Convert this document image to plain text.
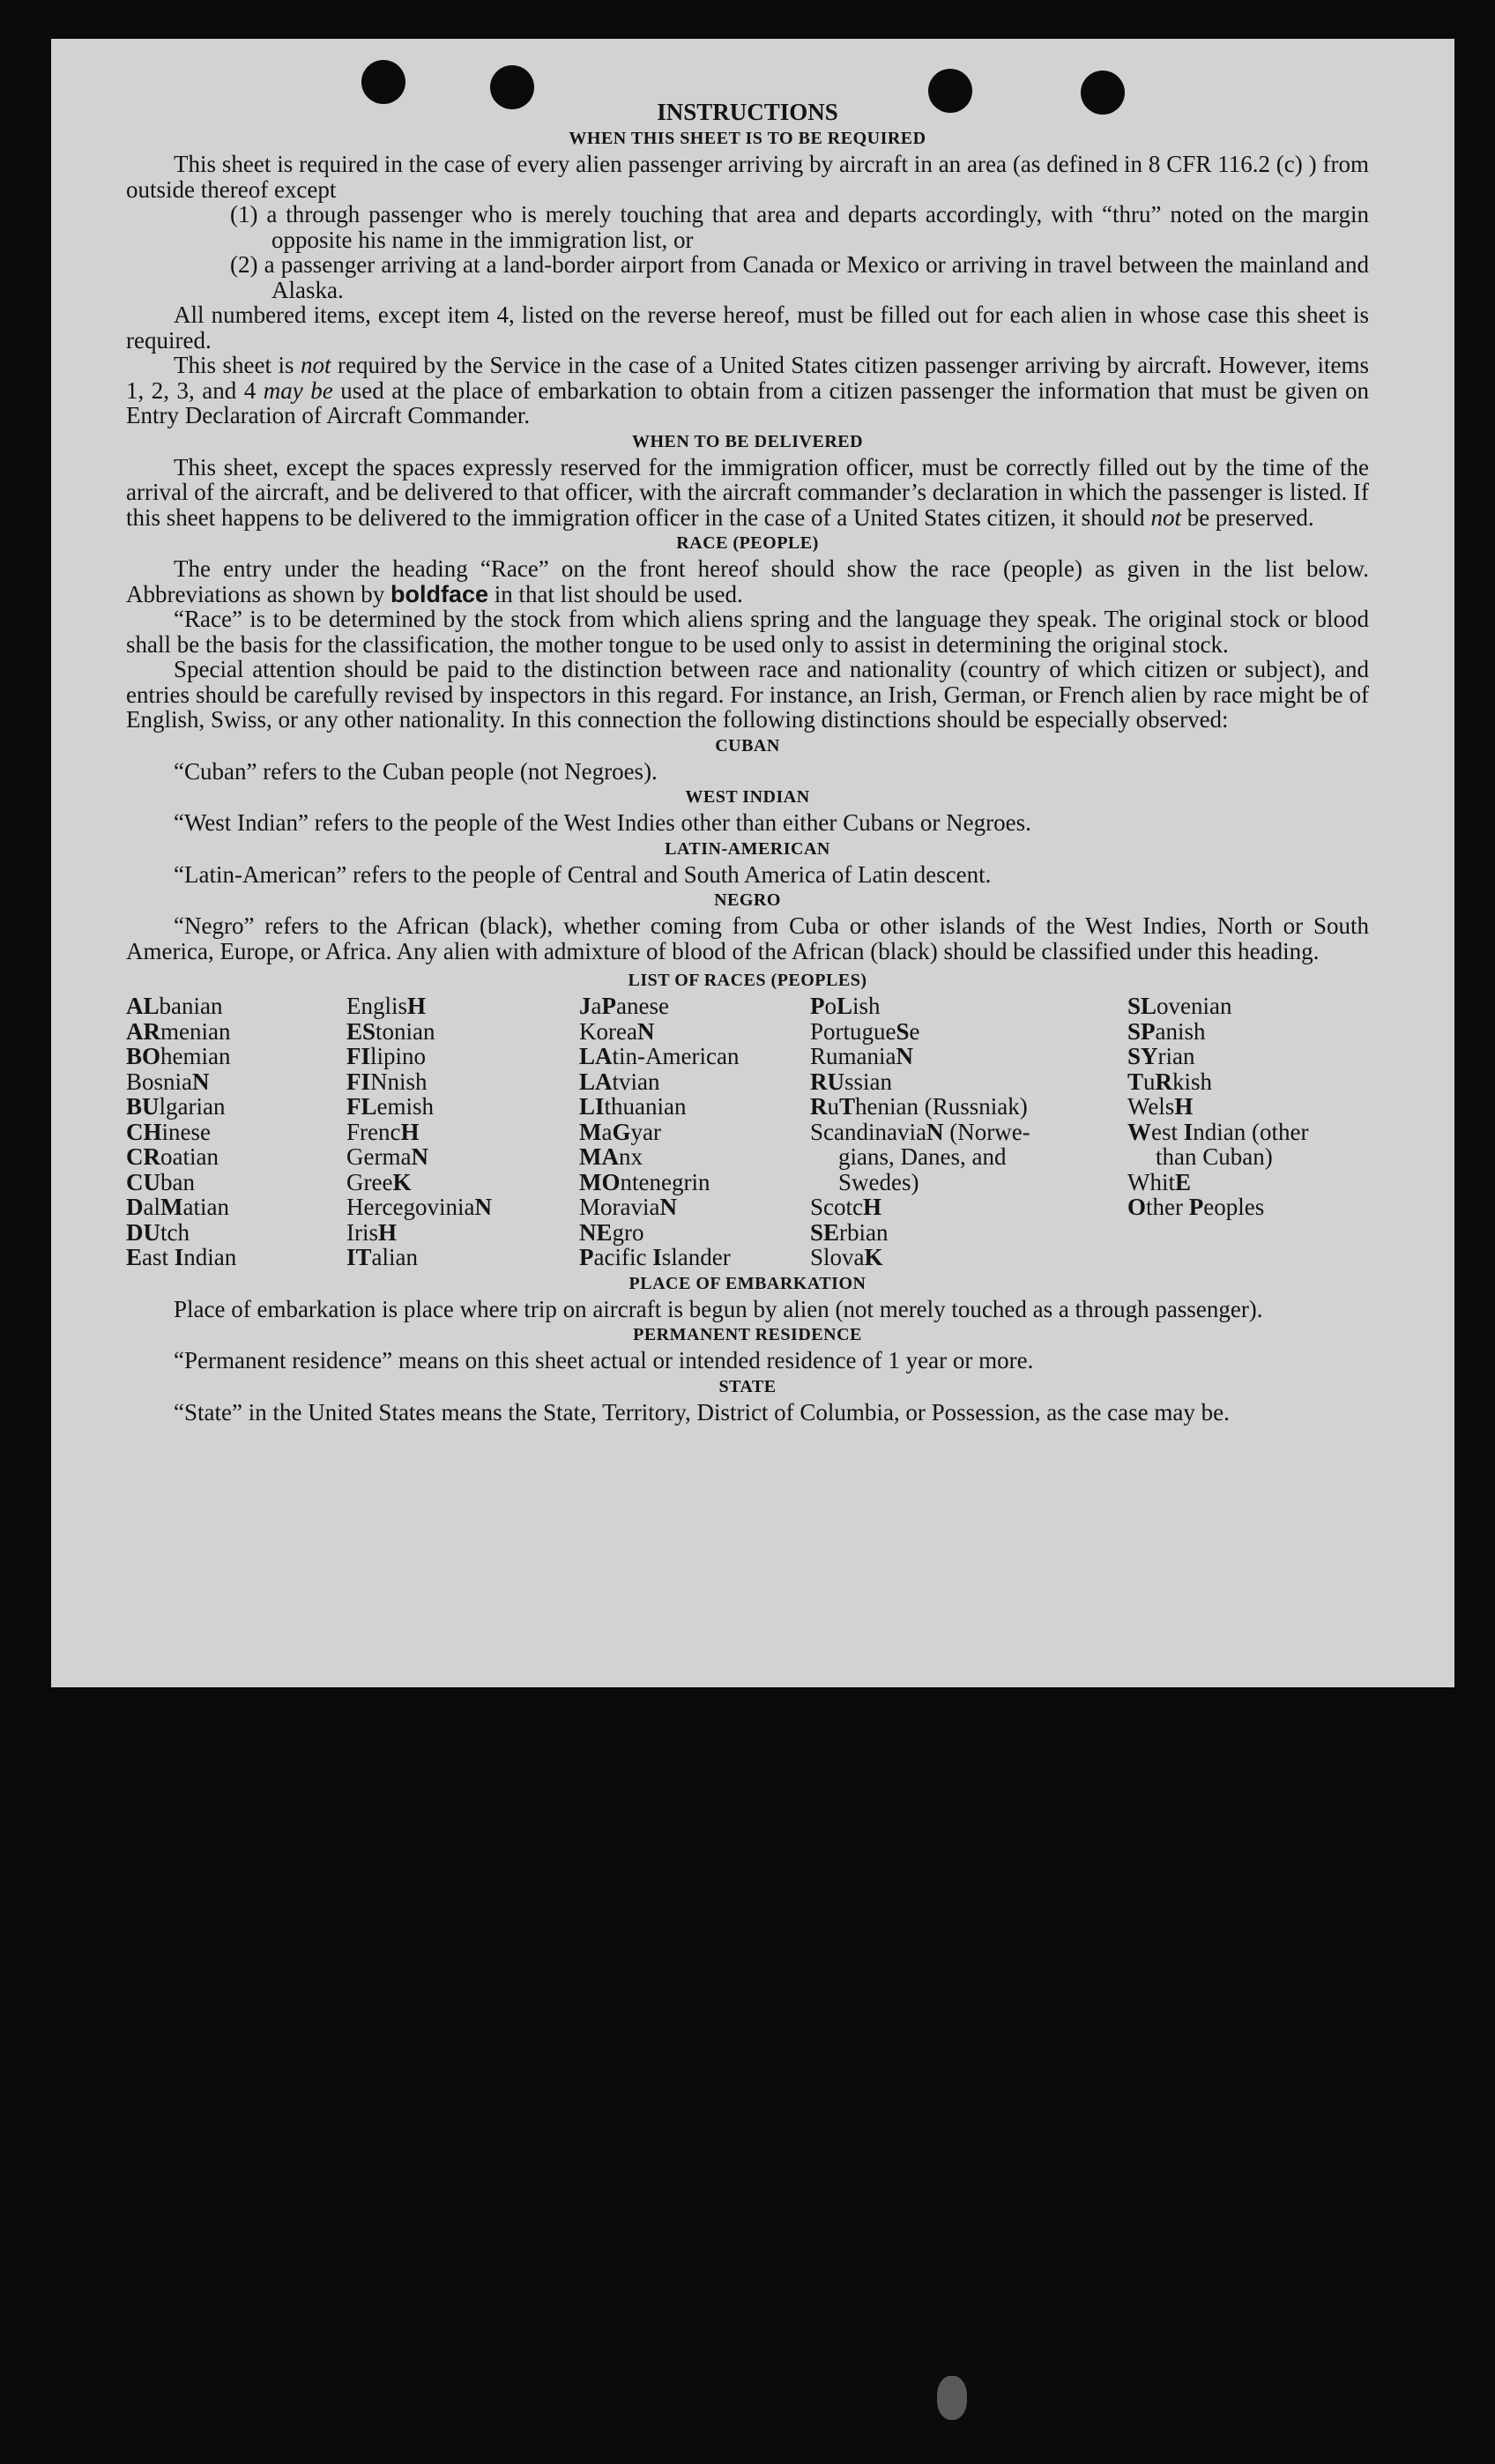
INSTRUCTIONS
WHEN THIS SHEET IS TO BE REQUIRED

This sheet is required in the case of every alien passenger arriving by aircraft in an area (as defined in 8 CFR 116.2 (c) ) from outside thereof except

(1) a through passenger who is merely touching that area and departs accordingly, with “thru” noted on the margin opposite his name in the immigration list, or

(2) a passenger arriving at a land-border airport from Canada or Mexico or arriving in travel between the mainland and Alaska.

All numbered items, except item 4, listed on the reverse hereof, must be filled out for each alien in whose case this sheet is required.

This sheet is not required by the Service in the case of a United States citizen passenger arriving by aircraft. However, items 1, 2, 3, and 4 may be used at the place of embarkation to obtain from a citizen passenger the information that must be given on Entry Declaration of Aircraft Commander.

WHEN TO BE DELIVERED

This sheet, except the spaces expressly reserved for the immigration officer, must be correctly filled out by the time of the arrival of the aircraft, and be delivered to that officer, with the aircraft commander’s declaration in which the passenger is listed. If this sheet happens to be delivered to the immigration officer in the case of a United States citizen, it should not be preserved.

RACE (PEOPLE)

The entry under the heading “Race” on the front hereof should show the race (people) as given in the list below. Abbreviations as shown by boldface in that list should be used.

“Race” is to be determined by the stock from which aliens spring and the language they speak. The original stock or blood shall be the basis for the classification, the mother tongue to be used only to assist in determining the original stock.

Special attention should be paid to the distinction between race and nationality (country of which citizen or subject), and entries should be carefully revised by inspectors in this regard. For instance, an Irish, German, or French alien by race might be of English, Swiss, or any other nationality. In this connection the following distinctions should be especially observed:

CUBAN

“Cuban” refers to the Cuban people (not Negroes).

WEST INDIAN

“West Indian” refers to the people of the West Indies other than either Cubans or Negroes.

LATIN-AMERICAN

“Latin-American” refers to the people of Central and South America of Latin descent.

NEGRO

“Negro” refers to the African (black), whether coming from Cuba or other islands of the West Indies, North or South America, Europe, or Africa. Any alien with admixture of blood of the African (black) should be classified under this heading.

LIST OF RACES (PEOPLES)
ALbanian
ARmenian
BOhemian
BosniaN
BUlgarian
CHinese
CRoatian
CUban
DalMatian
DUtch
East Indian
EnglisH
EStonian
FIlipino
FINnish
FLemish
FrencH
GermaN
GreeK
HercegoviniaN
IrisH
ITalian
JaPanese
KoreaN
LAtin-American
LAtvian
LIthuanian
MaGyar
MAnx
MOntenegrin
MoraviaN
NEgro
Pacific Islander
PoLish
PortugueSe
RumaniaN
RUssian
RuThenian (Russniak)
ScandinaviaN (Norwe-
gians, Danes, and
Swedes)
ScotcH
SErbian
SlovaK
SLovenian
SPanish
SYrian
TuRkish
WelsH
West Indian (other
than Cuban)
WhitE
Other Peoples
PLACE OF EMBARKATION

Place of embarkation is place where trip on aircraft is begun by alien (not merely touched as a through passenger).

PERMANENT RESIDENCE

“Permanent residence” means on this sheet actual or intended residence of 1 year or more.

STATE

“State” in the United States means the State, Territory, District of Columbia, or Possession, as the case may be.
